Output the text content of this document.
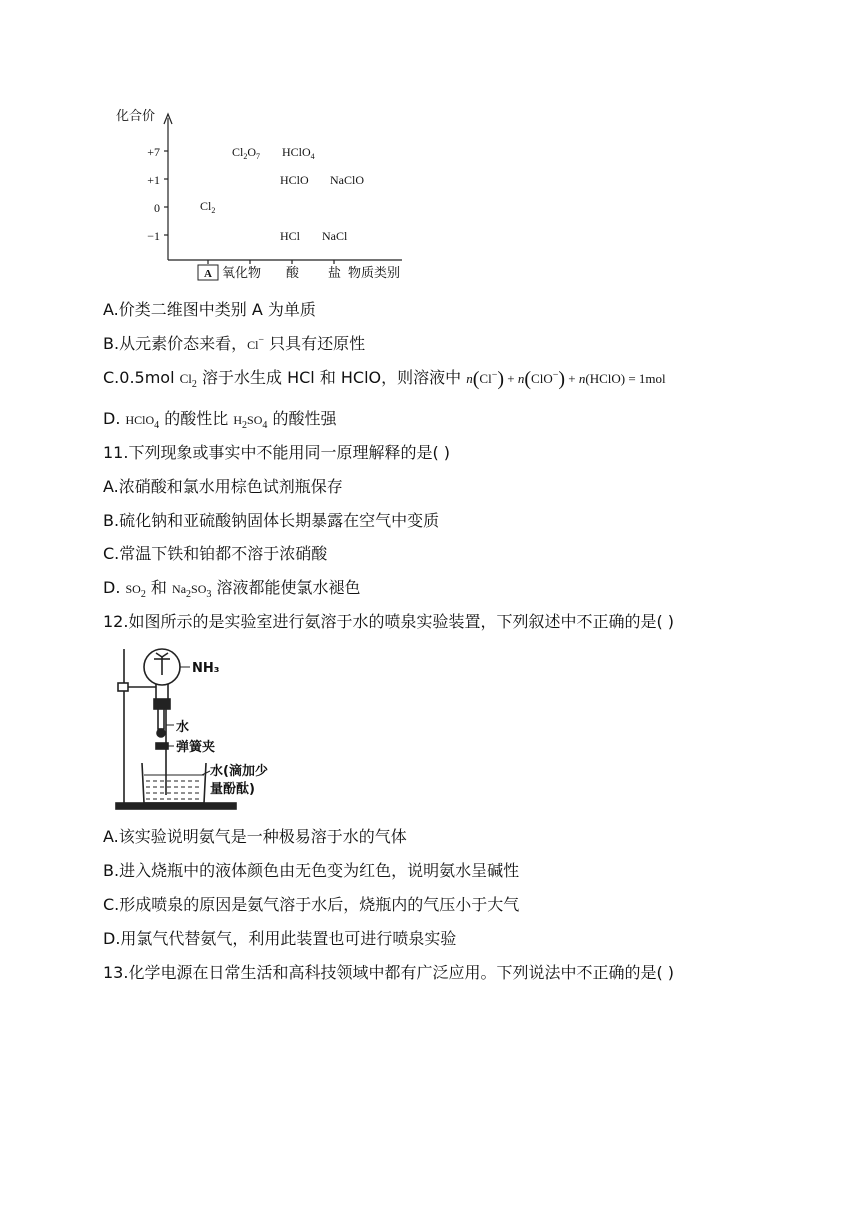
化合价
+7
+1
0
−1
A 氧化物 酸 盐 物质类别
$Cl_2O_7$ HClO$_4$
HClO NaClO
$Cl_2$
HCl NaCl
A.价类二维图中类别 A 为单质
B.从元素价态来看，Cl− 只具有还原性
C.0.5mol $Cl_2$ 溶于水生成 HCl 和 HClO，则溶液中 n(Cl−) + n(ClO−) + n(HClO) = 1mol
D. HClO$_4$ 的酸性比 $H_2SO_4$ 的酸性强
11.下列现象或事实中不能用同一原理解释的是( )
A.浓硝酸和氯水用棕色试剂瓶保存
B.硫化钠和亚硫酸钠固体长期暴露在空气中变质
C.常温下铁和铂都不溶于浓硝酸
D. $SO_2$ 和 $Na_2SO_3$ 溶液都能使氯水褪色
12.如图所示的是实验室进行氨溶于水的喷泉实验装置，下列叙述中不正确的是( )
NH₃
水
弹簧夹
水(滴加少
量酚酞)
A.该实验说明氨气是一种极易溶于水的气体
B.进入烧瓶中的液体颜色由无色变为红色，说明氨水呈碱性
C.形成喷泉的原因是氨气溶于水后，烧瓶内的气压小于大气
D.用氯气代替氨气，利用此装置也可进行喷泉实验
13.化学电源在日常生活和高科技领域中都有广泛应用。下列说法中不正确的是( )
